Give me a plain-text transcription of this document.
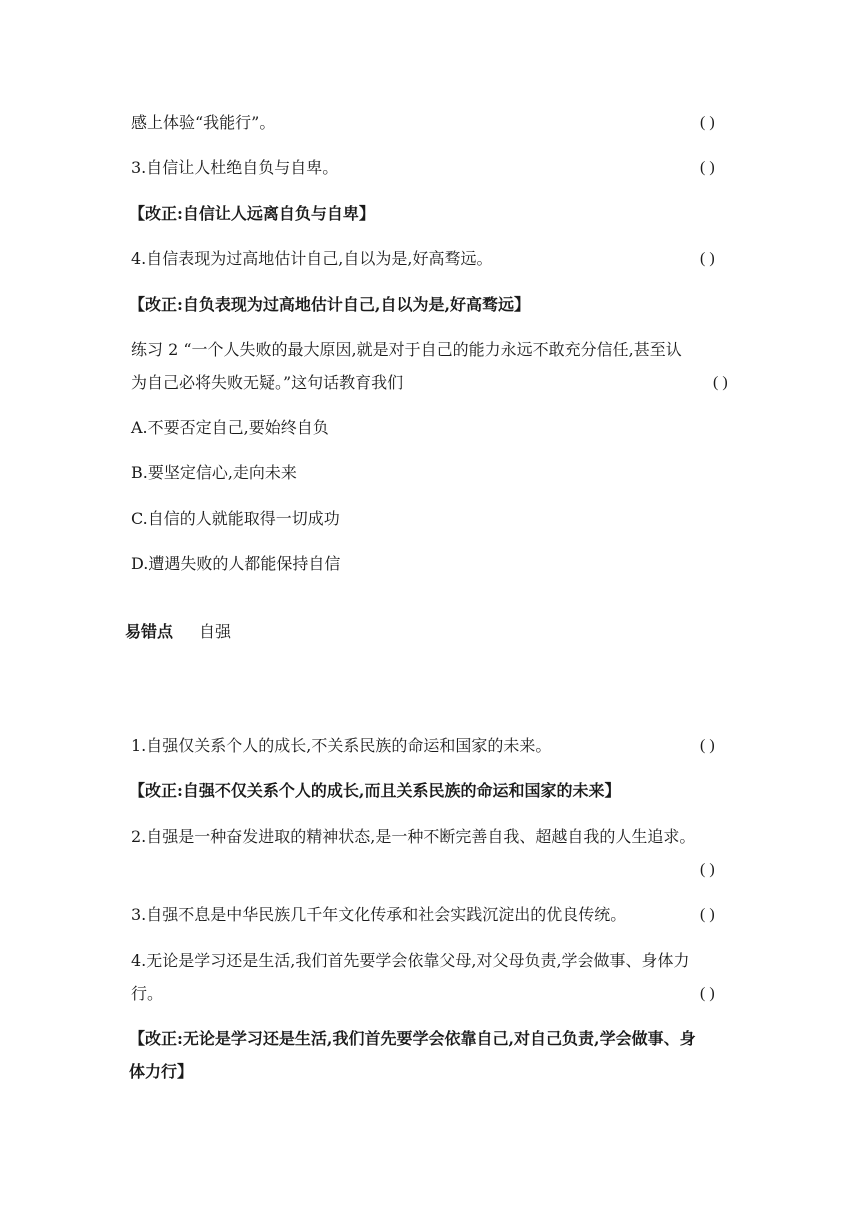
感上体验“我能行”。	( )
3.自信让人杜绝自负与自卑。	( )
【改正:自信让人远离自负与自卑】
4.自信表现为过高地估计自己,自以为是,好高骛远。	( )
【改正:自负表现为过高地估计自己,自以为是,好高骛远】
练习 2 “一个人失败的最大原因,就是对于自己的能力永远不敢充分信任,甚至认
为自己必将失败无疑。”这句话教育我们	( )
A.不要否定自己,要始终自负
B.要坚定信心,走向未来
C.自信的人就能取得一切成功
D.遭遇失败的人都能保持自信
易错点 自强
1.自强仅关系个人的成长,不关系民族的命运和国家的未来。	( )
【改正:自强不仅关系个人的成长,而且关系民族的命运和国家的未来】
2.自强是一种奋发进取的精神状态,是一种不断完善自我、超越自我的人生追求。
( )
3.自强不息是中华民族几千年文化传承和社会实践沉淀出的优良传统。	( )
4.无论是学习还是生活,我们首先要学会依靠父母,对父母负责,学会做事、身体力
行。	( )
【改正:无论是学习还是生活,我们首先要学会依靠自己,对自己负责,学会做事、身
体力行】
